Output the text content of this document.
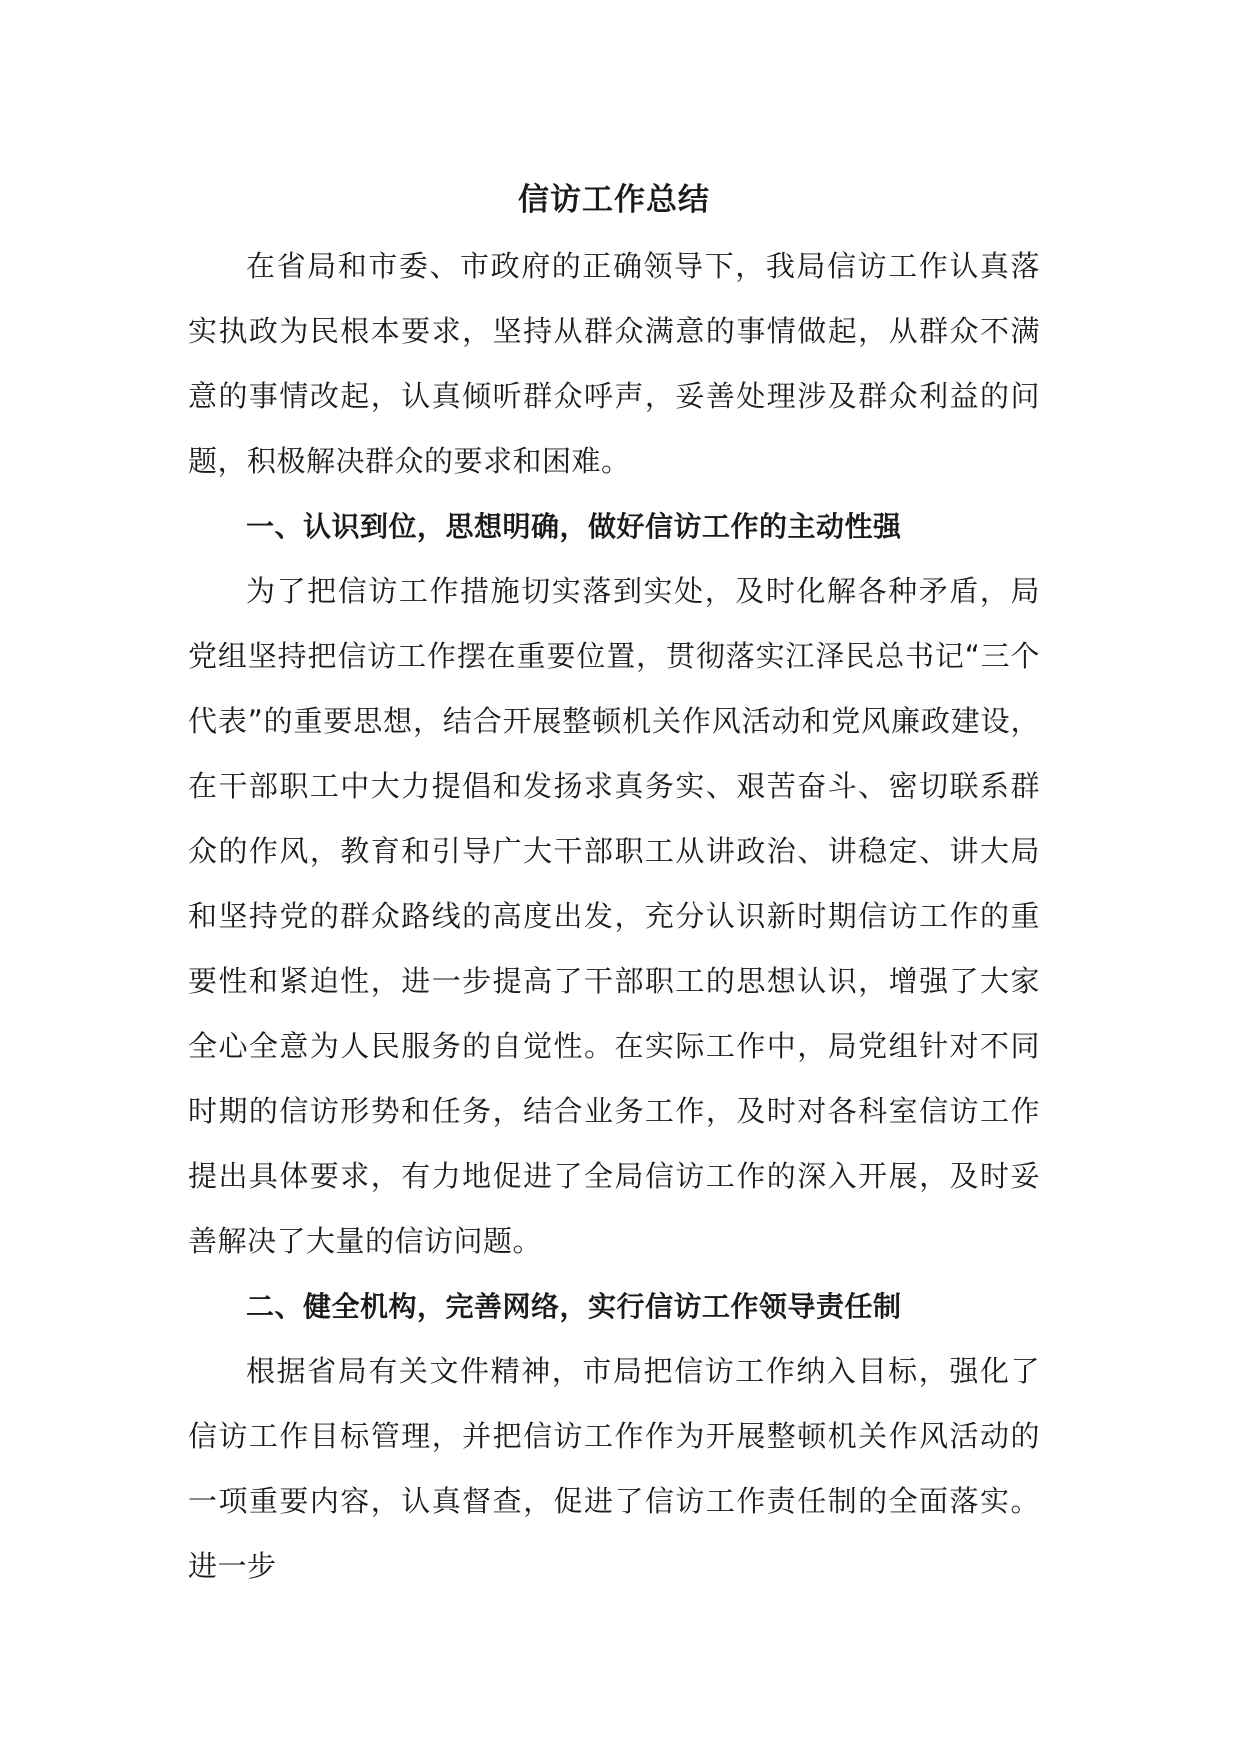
信访工作总结

在省局和市委、市政府的正确领导下，我局信访工作认真落实执政为民根本要求，坚持从群众满意的事情做起，从群众不满意的事情改起，认真倾听群众呼声，妥善处理涉及群众利益的问题，积极解决群众的要求和困难。

一、认识到位，思想明确，做好信访工作的主动性强

为了把信访工作措施切实落到实处，及时化解各种矛盾，局党组坚持把信访工作摆在重要位置，贯彻落实江泽民总书记“三个代表”的重要思想，结合开展整顿机关作风活动和党风廉政建设，在干部职工中大力提倡和发扬求真务实、艰苦奋斗、密切联系群众的作风，教育和引导广大干部职工从讲政治、讲稳定、讲大局和坚持党的群众路线的高度出发，充分认识新时期信访工作的重要性和紧迫性，进一步提高了干部职工的思想认识，增强了大家全心全意为人民服务的自觉性。在实际工作中，局党组针对不同时期的信访形势和任务，结合业务工作，及时对各科室信访工作提出具体要求，有力地促进了全局信访工作的深入开展，及时妥善解决了大量的信访问题。

二、健全机构，完善网络，实行信访工作领导责任制

根据省局有关文件精神，市局把信访工作纳入目标，强化了信访工作目标管理，并把信访工作作为开展整顿机关作风活动的一项重要内容，认真督查，促进了信访工作责任制的全面落实。进一步
